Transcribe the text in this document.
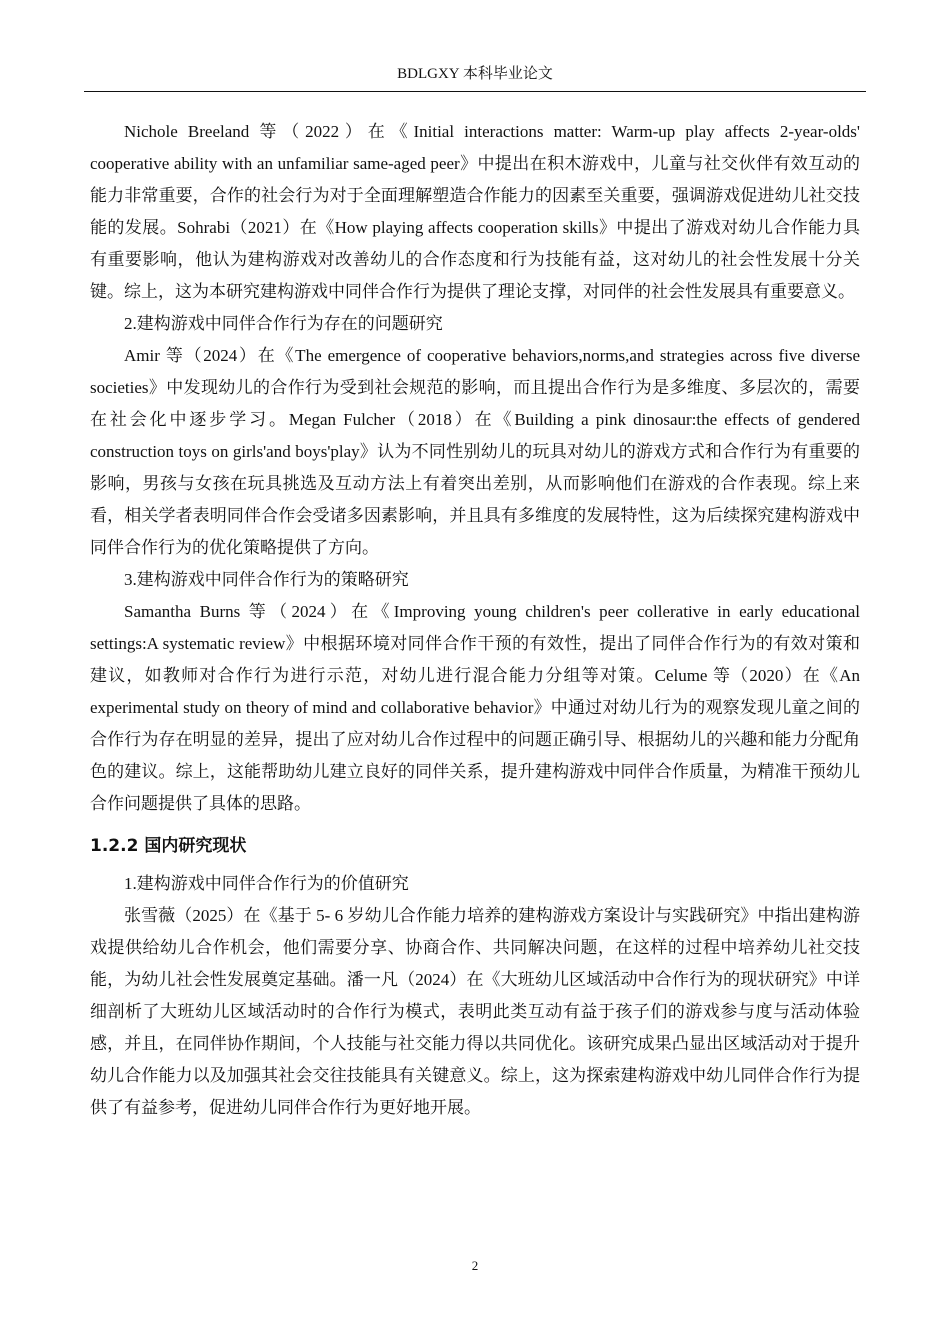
BDLGXY 本科毕业论文

Nichole Breeland 等（2022）在《Initial interactions matter: Warm-up play affects 2-year-olds' cooperative ability with an unfamiliar same-aged peer》中提出在积木游戏中，儿童与社交伙伴有效互动的能力非常重要，合作的社会行为对于全面理解塑造合作能力的因素至关重要，强调游戏促进幼儿社交技能的发展。Sohrabi（2021）在《How playing affects cooperation skills》中提出了游戏对幼儿合作能力具有重要影响，他认为建构游戏对改善幼儿的合作态度和行为技能有益，这对幼儿的社会性发展十分关键。综上，这为本研究建构游戏中同伴合作行为提供了理论支撑，对同伴的社会性发展具有重要意义。

2.建构游戏中同伴合作行为存在的问题研究

Amir 等（2024）在《The emergence of cooperative behaviors,norms,and strategies across five diverse societies》中发现幼儿的合作行为受到社会规范的影响，而且提出合作行为是多维度、多层次的，需要在社会化中逐步学习。Megan Fulcher（2018）在《Building a pink dinosaur:the effects of gendered construction toys on girls'and boys'play》认为不同性别幼儿的玩具对幼儿的游戏方式和合作行为有重要的影响，男孩与女孩在玩具挑选及互动方法上有着突出差别，从而影响他们在游戏的合作表现。综上来看，相关学者表明同伴合作会受诸多因素影响，并且具有多维度的发展特性，这为后续探究建构游戏中同伴合作行为的优化策略提供了方向。

3.建构游戏中同伴合作行为的策略研究

Samantha Burns 等（2024）在《Improving young children's peer collerative in early educational settings:A systematic review》中根据环境对同伴合作干预的有效性，提出了同伴合作行为的有效对策和建议，如教师对合作行为进行示范，对幼儿进行混合能力分组等对策。Celume 等（2020）在《An experimental study on theory of mind and collaborative behavior》中通过对幼儿行为的观察发现儿童之间的合作行为存在明显的差异，提出了应对幼儿合作过程中的问题正确引导、根据幼儿的兴趣和能力分配角色的建议。综上，这能帮助幼儿建立良好的同伴关系，提升建构游戏中同伴合作质量，为精准干预幼儿合作问题提供了具体的思路。

1.2.2 国内研究现状

1.建构游戏中同伴合作行为的价值研究

张雪薇（2025）在《基于 5- 6 岁幼儿合作能力培养的建构游戏方案设计与实践研究》中指出建构游戏提供给幼儿合作机会，他们需要分享、协商合作、共同解决问题，在这样的过程中培养幼儿社交技能，为幼儿社会性发展奠定基础。潘一凡（2024）在《大班幼儿区域活动中合作行为的现状研究》中详细剖析了大班幼儿区域活动时的合作行为模式，表明此类互动有益于孩子们的游戏参与度与活动体验感，并且，在同伴协作期间，个人技能与社交能力得以共同优化。该研究成果凸显出区域活动对于提升幼儿合作能力以及加强其社会交往技能具有关键意义。综上，这为探索建构游戏中幼儿同伴合作行为提供了有益参考，促进幼儿同伴合作行为更好地开展。

2
